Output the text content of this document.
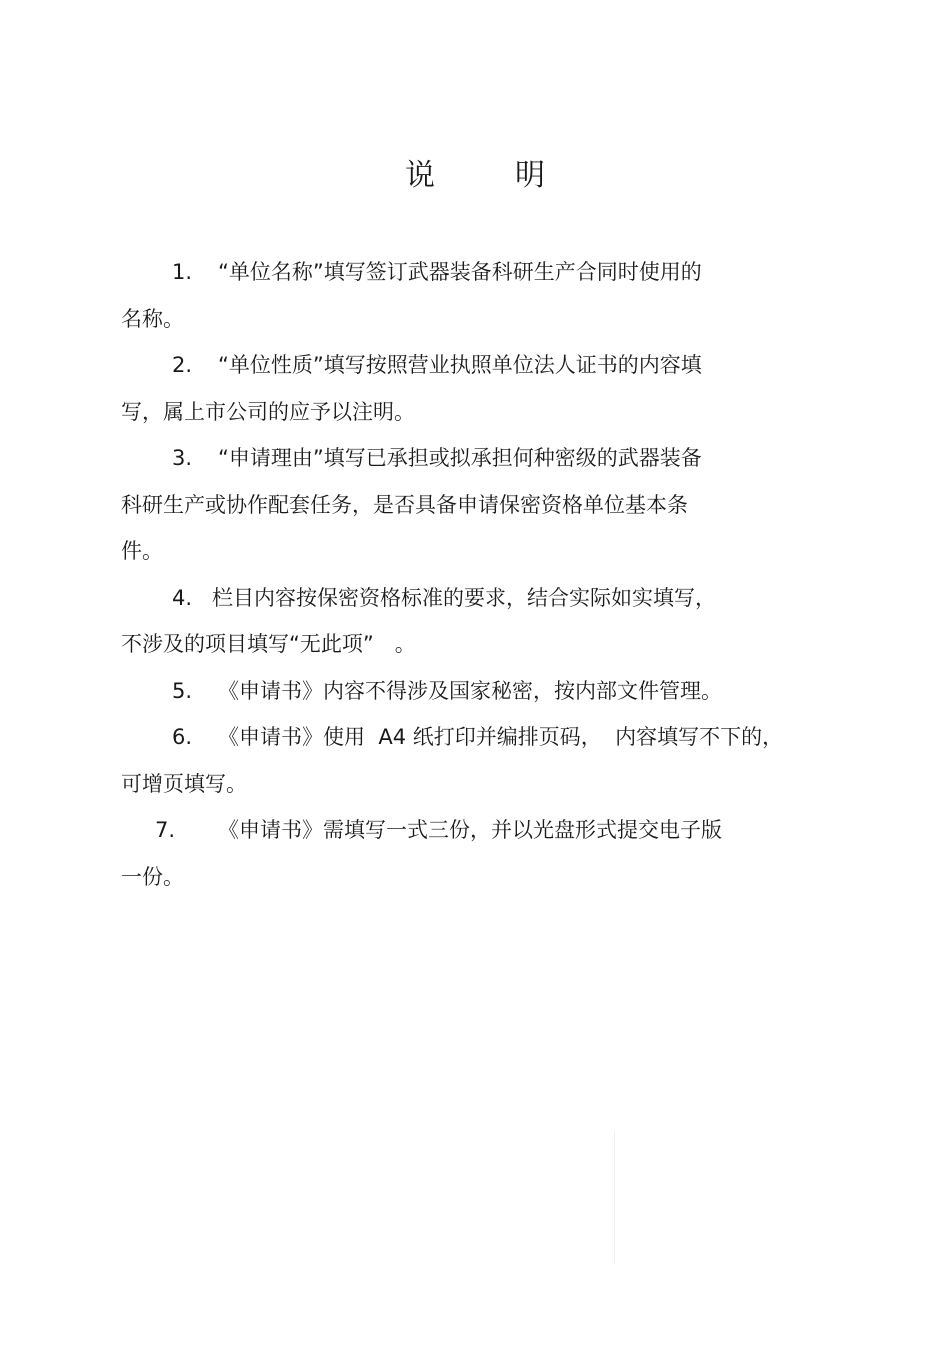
说	明
1. “单位名称”填写签订武器装备科研生产合同时使用的
名称。
2. “单位性质”填写按照营业执照单位法人证书的内容填
写，属上市公司的应予以注明。
3. “申请理由”填写已承担或拟承担何种密级的武器装备
科研生产或协作配套任务，是否具备申请保密资格单位基本条
件。
4. 栏目内容按保密资格标准的要求，结合实际如实填写，
不涉及的项目填写“无此项”　。
5. 《申请书》内容不得涉及国家秘密，按内部文件管理。
6. 《申请书》使用  A4 纸打印并编排页码，  内容填写不下的，
可增页填写。
7. 《申请书》需填写一式三份，并以光盘形式提交电子版
一份。
